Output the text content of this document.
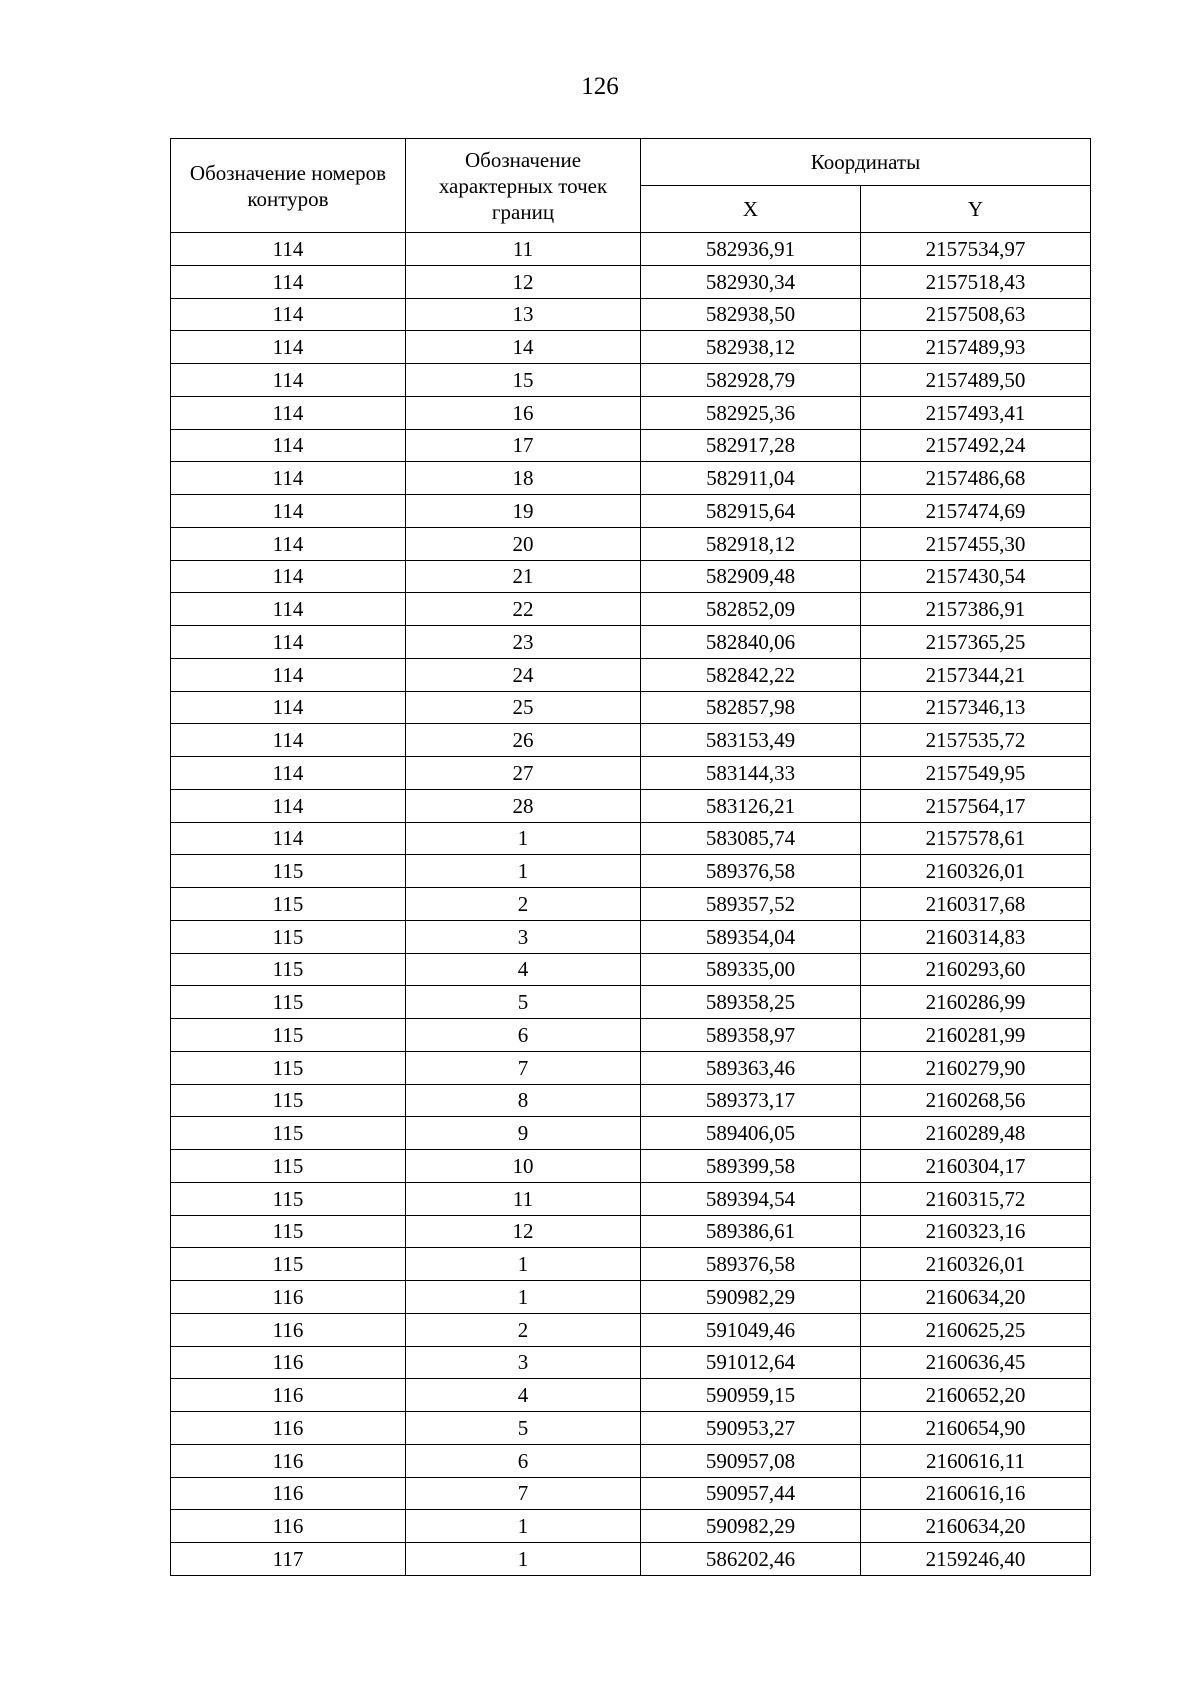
126
Обозначение номеров контуров	Обозначение характерных точек границ	Координаты	
		X	Y
114	11	582936,91	2157534,97
114	12	582930,34	2157518,43
114	13	582938,50	2157508,63
114	14	582938,12	2157489,93
114	15	582928,79	2157489,50
114	16	582925,36	2157493,41
114	17	582917,28	2157492,24
114	18	582911,04	2157486,68
114	19	582915,64	2157474,69
114	20	582918,12	2157455,30
114	21	582909,48	2157430,54
114	22	582852,09	2157386,91
114	23	582840,06	2157365,25
114	24	582842,22	2157344,21
114	25	582857,98	2157346,13
114	26	583153,49	2157535,72
114	27	583144,33	2157549,95
114	28	583126,21	2157564,17
114	1	583085,74	2157578,61
115	1	589376,58	2160326,01
115	2	589357,52	2160317,68
115	3	589354,04	2160314,83
115	4	589335,00	2160293,60
115	5	589358,25	2160286,99
115	6	589358,97	2160281,99
115	7	589363,46	2160279,90
115	8	589373,17	2160268,56
115	9	589406,05	2160289,48
115	10	589399,58	2160304,17
115	11	589394,54	2160315,72
115	12	589386,61	2160323,16
115	1	589376,58	2160326,01
116	1	590982,29	2160634,20
116	2	591049,46	2160625,25
116	3	591012,64	2160636,45
116	4	590959,15	2160652,20
116	5	590953,27	2160654,90
116	6	590957,08	2160616,11
116	7	590957,44	2160616,16
116	1	590982,29	2160634,20
117	1	586202,46	2159246,40
